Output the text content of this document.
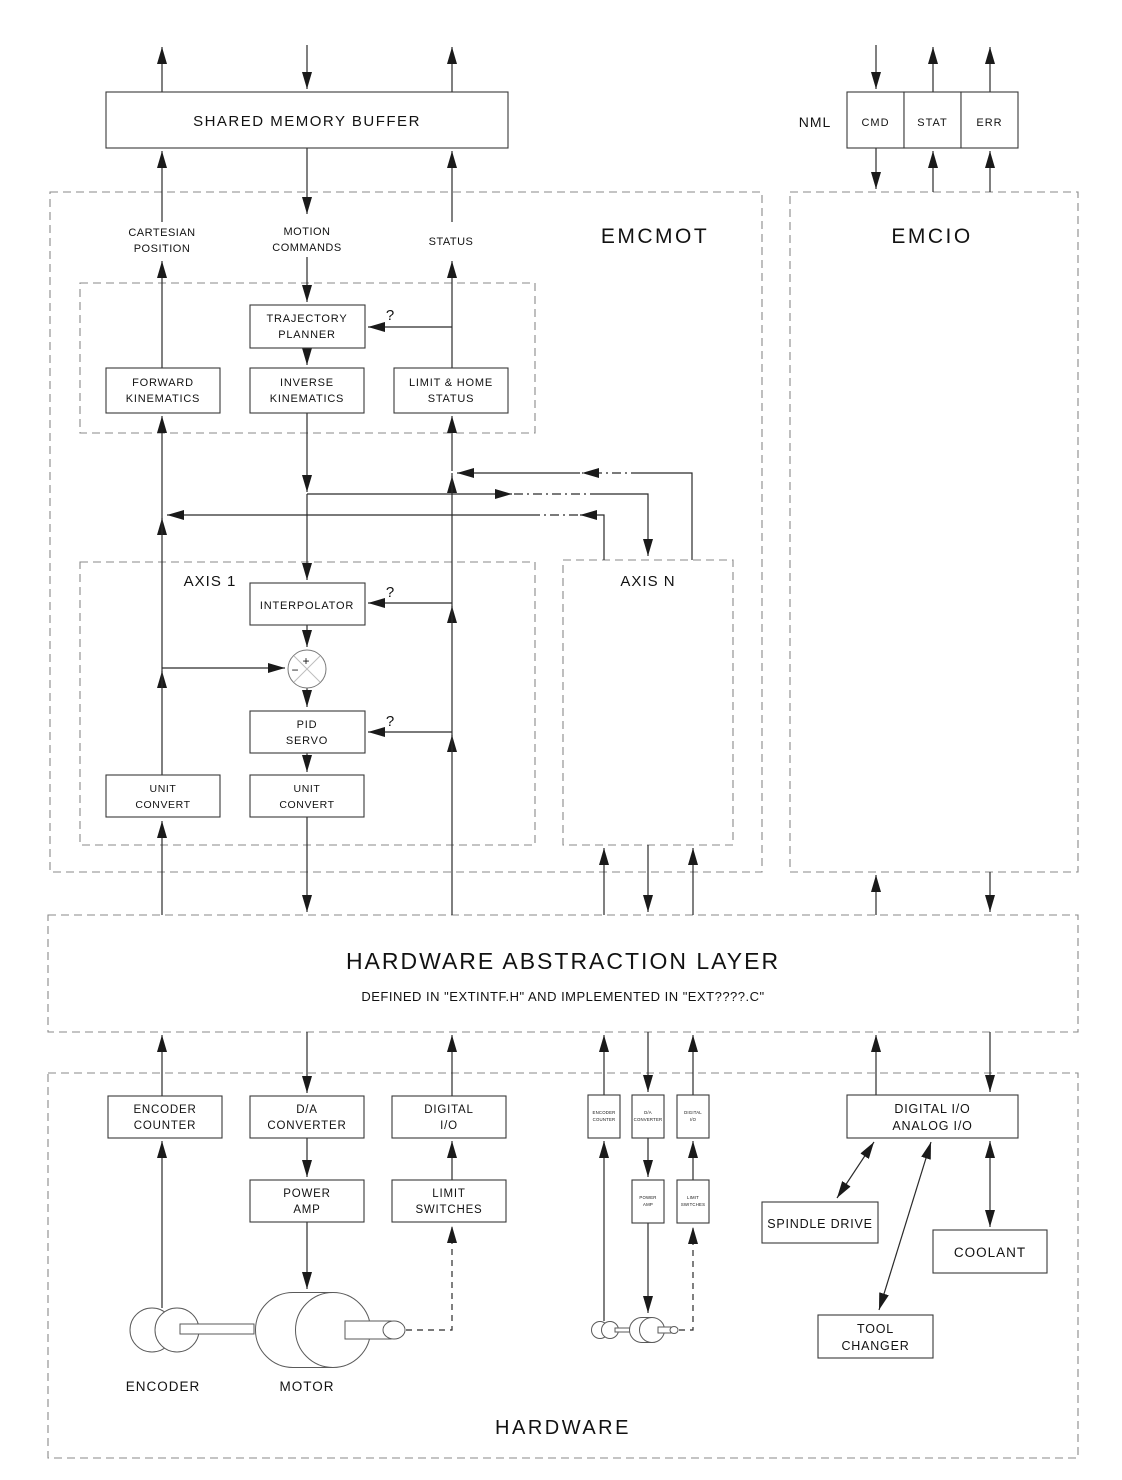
SHARED MEMORY BUFFER	NML	CMD	STAT	ERR
EMCMOT	EMCIO
CARTESIAN
POSITION
MOTION
COMMANDS	STATUS
TRAJECTORY
PLANNER
?
FORWARD
KINEMATICS
INVERSE
KINEMATICS
LIMIT & HOME
STATUS
AXIS 1
INTERPOLATOR
?
+
−
PID
SERVO
?
UNIT
CONVERT
UNIT
CONVERT
AXIS N
HARDWARE ABSTRACTION LAYER
DEFINED IN "EXTINTF.H" AND IMPLEMENTED IN "EXT????.C"
ENCODER
COUNTER
D/A
CONVERTER
DIGITAL
I/O
POWER
AMP
LIMIT
SWITCHES
ENCODER	MOTOR
ENCODER
COUNTER
D/A
CONVERTER
DIGITAL
I/O
POWER
AMP
LIMIT
SWITCHES
DIGITAL I/O
ANALOG I/O
SPINDLE DRIVE
COOLANT
TOOL
CHANGER
HARDWARE
